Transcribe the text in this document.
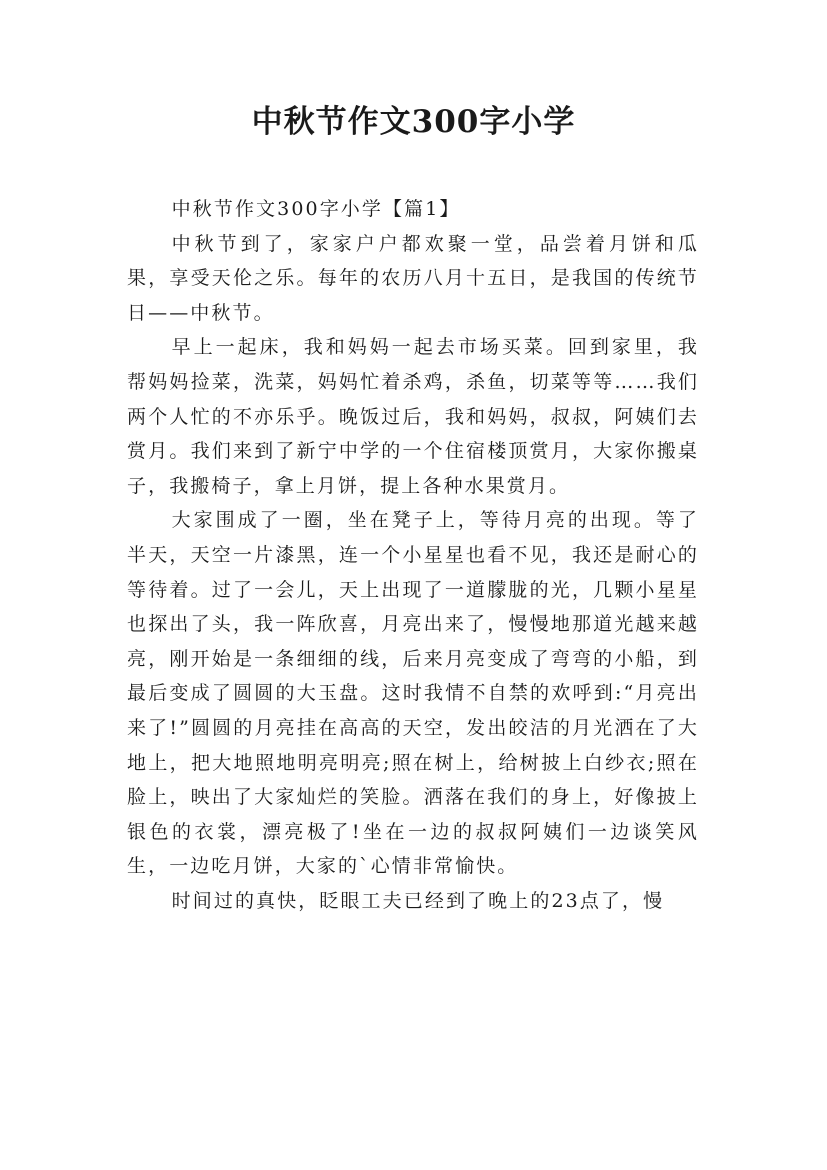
中秋节作文300字小学

中秋节作文300字小学【篇1】

中秋节到了，家家户户都欢聚一堂，品尝着月饼和瓜果，享受天伦之乐。每年的农历八月十五日，是我国的传统节日——中秋节。

早上一起床，我和妈妈一起去市场买菜。回到家里，我帮妈妈捡菜，洗菜，妈妈忙着杀鸡，杀鱼，切菜等等……我们两个人忙的不亦乐乎。晚饭过后，我和妈妈，叔叔，阿姨们去赏月。我们来到了新宁中学的一个住宿楼顶赏月，大家你搬桌子，我搬椅子，拿上月饼，提上各种水果赏月。

大家围成了一圈，坐在凳子上，等待月亮的出现。等了半天，天空一片漆黑，连一个小星星也看不见，我还是耐心的等待着。过了一会儿，天上出现了一道朦胧的光，几颗小星星也探出了头，我一阵欣喜，月亮出来了，慢慢地那道光越来越亮，刚开始是一条细细的线，后来月亮变成了弯弯的小船，到最后变成了圆圆的大玉盘。这时我情不自禁的欢呼到:“月亮出来了!”圆圆的月亮挂在高高的天空，发出皎洁的月光洒在了大地上，把大地照地明亮明亮;照在树上，给树披上白纱衣;照在脸上，映出了大家灿烂的笑脸。洒落在我们的身上，好像披上银色的衣裳，漂亮极了!坐在一边的叔叔阿姨们一边谈笑风生，一边吃月饼，大家的`心情非常愉快。

时间过的真快，眨眼工夫已经到了晚上的23点了，慢
